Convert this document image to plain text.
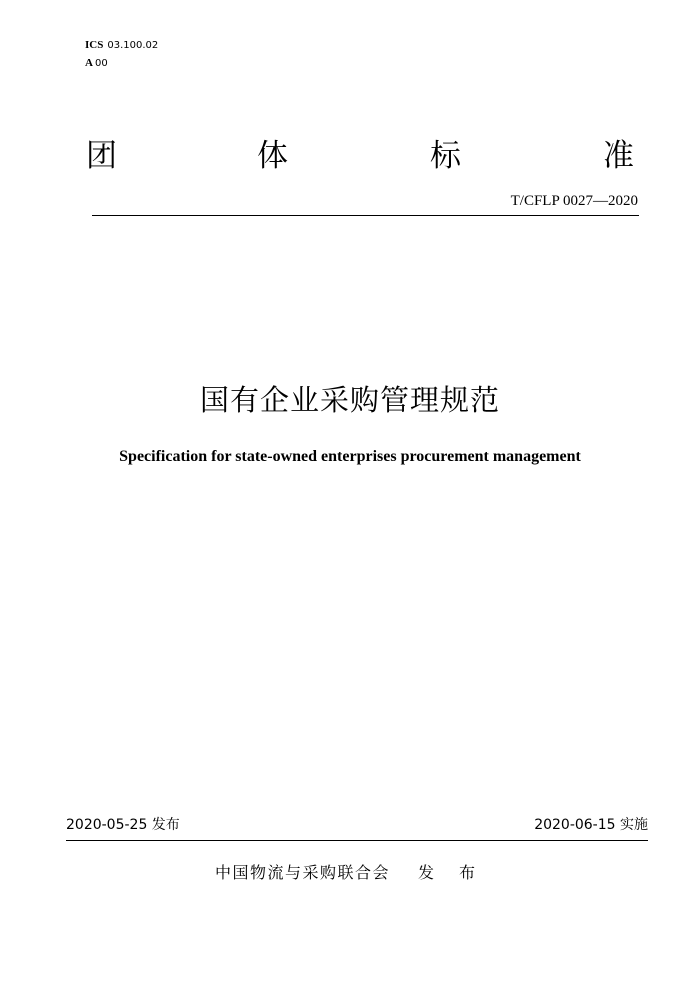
ICS 03.100.02
A 00
团	体	标	准
T/CFLP 0027—2020
国有企业采购管理规范
Specification for state-owned enterprises procurement management
2020-05-25 发布	2020-06-15 实施
中国物流与采购联合会 发 布
